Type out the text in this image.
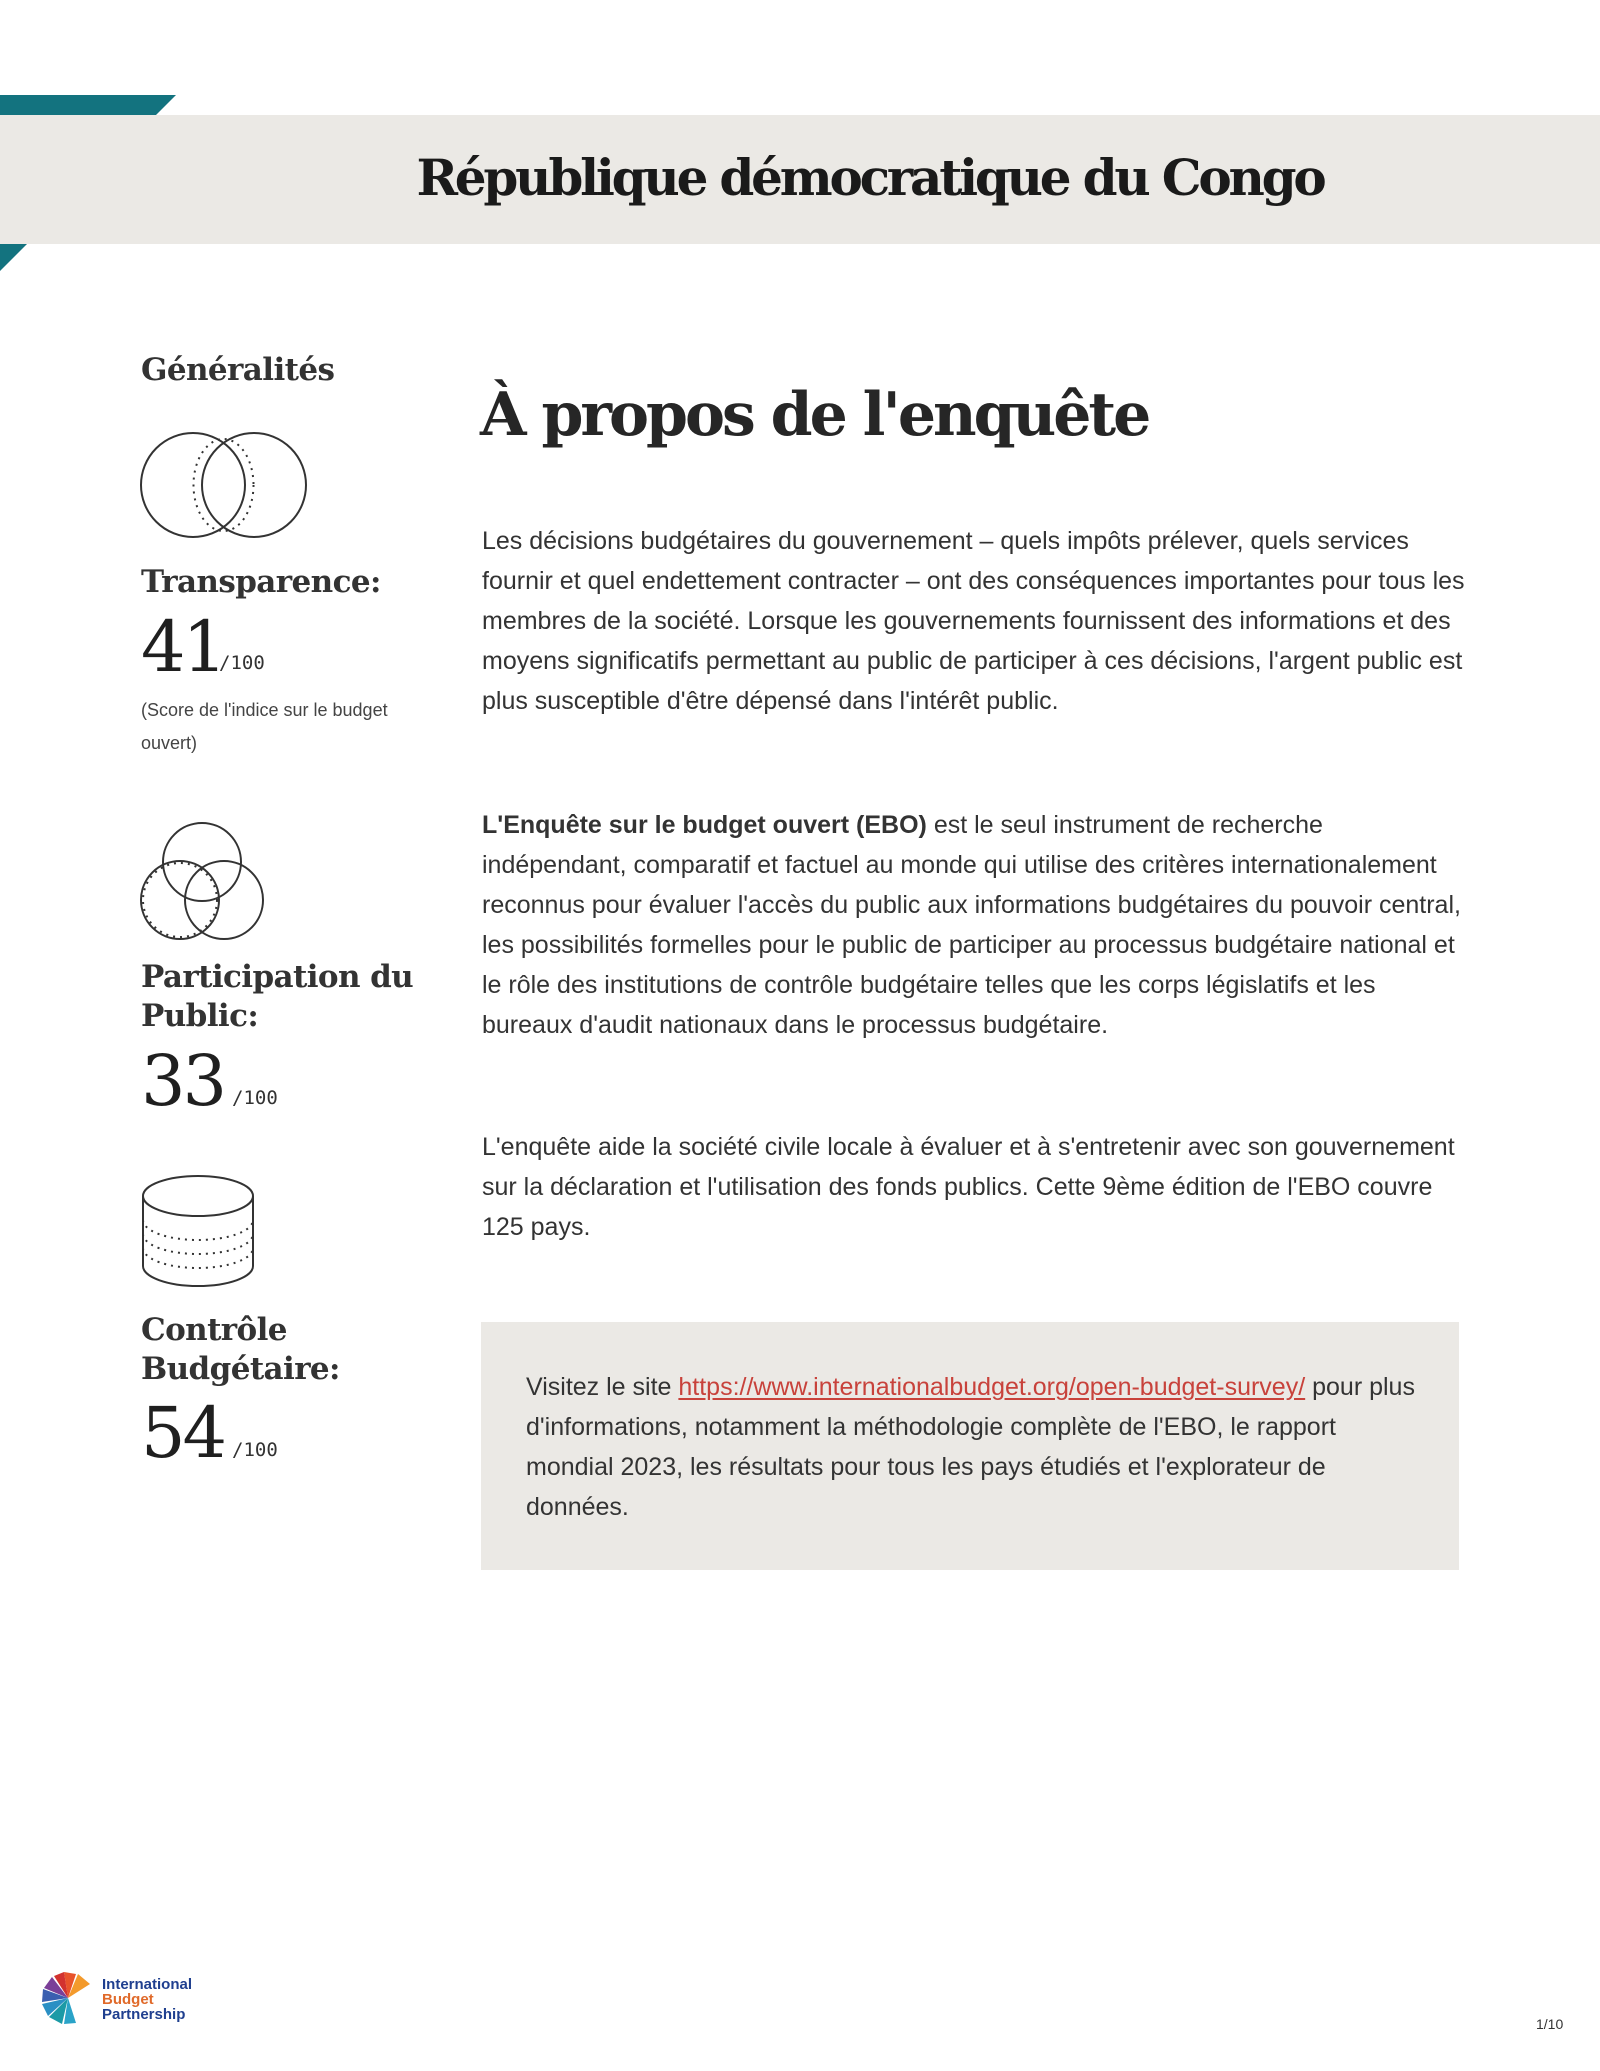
République démocratique du Congo
Généralités
Transparence:
41
/100
(Score de l'indice sur le budget ouvert)
Participation du
Public:
33 /100
Contrôle
Budgétaire:
54 /100
À propos de l'enquête
Les décisions budgétaires du gouvernement – quels impôts prélever, quels services fournir et quel endettement contracter – ont des conséquences importantes pour tous les membres de la société. Lorsque les gouvernements fournissent des informations et des moyens significatifs permettant au public de participer à ces décisions, l'argent public est plus susceptible d'être dépensé dans l'intérêt public.
L'Enquête sur le budget ouvert (EBO) est le seul instrument de recherche indépendant, comparatif et factuel au monde qui utilise des critères internationalement reconnus pour évaluer l'accès du public aux informations budgétaires du pouvoir central, les possibilités formelles pour le public de participer au processus budgétaire national et le rôle des institutions de contrôle budgétaire telles que les corps législatifs et les bureaux d'audit nationaux dans le processus budgétaire.
L'enquête aide la société civile locale à évaluer et à s'entretenir avec son gouvernement sur la déclaration et l'utilisation des fonds publics. Cette 9ème édition de l'EBO couvre 125 pays.
Visitez le site https://www.internationalbudget.org/open-budget-survey/ pour plus d'informations, notamment la méthodologie complète de l'EBO, le rapport mondial 2023, les résultats pour tous les pays étudiés et l'explorateur de données.
International
Budget
Partnership
1/10
